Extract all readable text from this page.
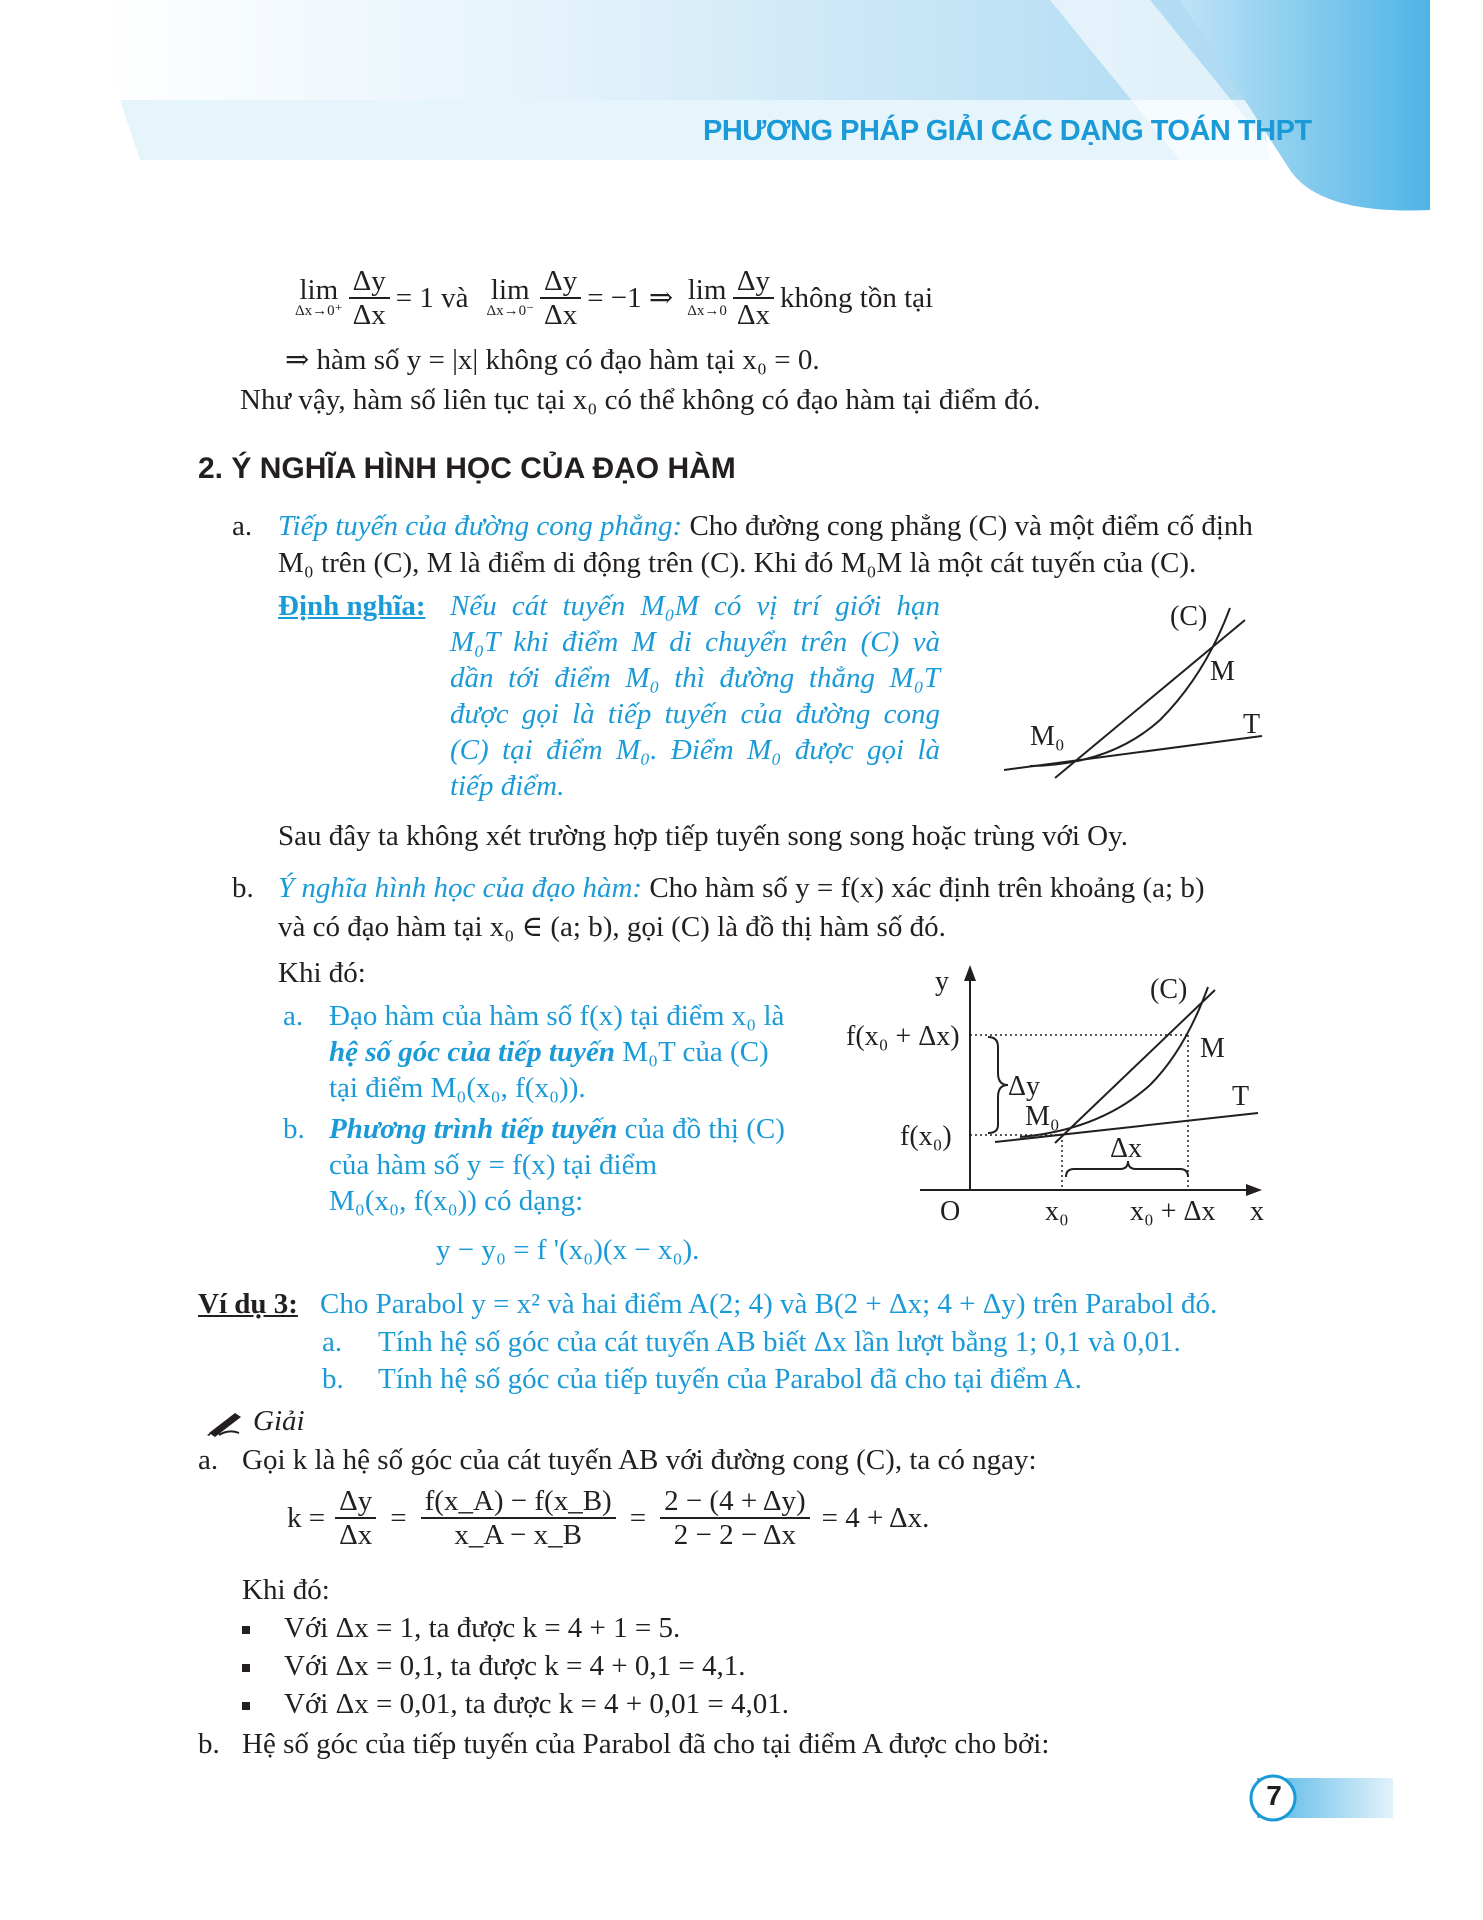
PHƯƠNG PHÁP GIẢI CÁC DẠNG TOÁN THPT
lim
$\Delta x\to 0^+ \frac{\Delta y}{\Delta x} = 1$ và lim
$\Delta x\to 0^- \frac{\Delta y}{\Delta x} = -1$ ⇒ lim
$\Delta x\to 0 \frac{\Delta y}{\Delta x}$ không tồn tại
⇒ hàm số y = |x| không có đạo hàm tại x₀ = 0.
Như vậy, hàm số liên tục tại x₀ có thể không có đạo hàm tại điểm đó.
2. Ý NGHĨA HÌNH HỌC CỦA ĐẠO HÀM
a. Tiếp tuyến của đường cong phẳng: Cho đường cong phẳng (C) và một điểm cố định
M₀ trên (C), M là điểm di động trên (C). Khi đó M₀M là một cát tuyến của (C).
Định nghĩa: Nếu cát tuyến M₀M có vị trí giới hạn
M₀T khi điểm M di chuyển trên (C) và
dần tới điểm M₀ thì đường thẳng M₀T
được gọi là tiếp tuyến của đường cong
(C) tại điểm M₀. Điểm M₀ được gọi là
tiếp điểm.
(C)
M
T
M₀
Sau đây ta không xét trường hợp tiếp tuyến song song hoặc trùng với Oy.
b. Ý nghĩa hình học của đạo hàm: Cho hàm số y = f(x) xác định trên khoảng (a; b)
và có đạo hàm tại x₀ ∈ (a; b), gọi (C) là đồ thị hàm số đó.
Khi đó:
a. Đạo hàm của hàm số f(x) tại điểm x₀ là
hệ số góc của tiếp tuyến M₀T của (C)
tại điểm M₀(x₀, f(x₀)).
b. Phương trình tiếp tuyến của đồ thị (C)
của hàm số y = f(x) tại điểm
M₀(x₀, f(x₀)) có dạng:
y − y₀ = f '(x₀)(x − x₀).
y	(C)
f(x₀ + Δx)	M
Δy	T
M₀
f(x₀)	Δx
O	x₀ x₀ + Δx x
Ví dụ 3: Cho Parabol y = x² và hai điểm A(2; 4) và B(2 + Δx; 4 + Δy) trên Parabol đó.
a. Tính hệ số góc của cát tuyến AB biết Δx lần lượt bằng 1; 0,1 và 0,01.
b. Tính hệ số góc của tiếp tuyến của Parabol đã cho tại điểm A.
Giải
a. Gọi k là hệ số góc của cát tuyến AB với đường cong (C), ta có ngay:
$k = \frac{\Delta y}{\Delta x} = \frac{f(x\_A) - f(x\_B)}{x\_A - x\_B} = \frac{2 - (4 + \Delta y)}{2 - 2 - \Delta x} = 4 + \Delta x$.
Khi đó:
Với Δx = 1, ta được k = 4 + 1 = 5.
Với Δx = 0,1, ta được k = 4 + 0,1 = 4,1.
Với Δx = 0,01, ta được k = 4 + 0,01 = 4,01.
b. Hệ số góc của tiếp tuyến của Parabol đã cho tại điểm A được cho bởi:
7
